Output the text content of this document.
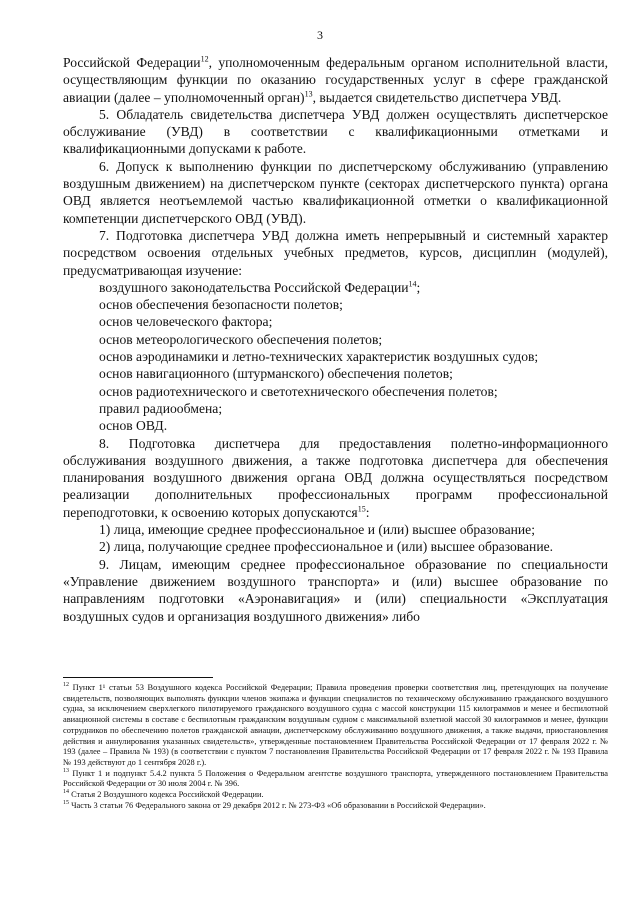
3

Российской Федерации$^{12}$, уполномоченным федеральным органом исполнительной власти, осуществляющим функции по оказанию государственных услуг в сфере гражданской авиации (далее – уполномоченный орган)$^{13}$, выдается свидетельство диспетчера УВД.

5. Обладатель свидетельства диспетчера УВД должен осуществлять диспетчерское обслуживание (УВД) в соответствии с квалификационными отметками и квалификационными допусками к работе.

6. Допуск к выполнению функции по диспетчерскому обслуживанию (управлению воздушным движением) на диспетчерском пункте (секторах диспетчерского пункта) органа ОВД является неотъемлемой частью квалификационной отметки о квалификационной компетенции диспетчерского ОВД (УВД).

7. Подготовка диспетчера УВД должна иметь непрерывный и системный характер посредством освоения отдельных учебных предметов, курсов, дисциплин (модулей), предусматривающая изучение:

воздушного законодательства Российской Федерации$^{14}$;

основ обеспечения безопасности полетов;

основ человеческого фактора;

основ метеорологического обеспечения полетов;

основ аэродинамики и летно-технических характеристик воздушных судов;

основ навигационного (штурманского) обеспечения полетов;

основ радиотехнического и светотехнического обеспечения полетов;

правил радиообмена;

основ ОВД.

8. Подготовка диспетчера для предоставления полетно-информационного обслуживания воздушного движения, а также подготовка диспетчера для обеспечения планирования воздушного движения органа ОВД должна осуществляться посредством реализации дополнительных профессиональных программ профессиональной переподготовки, к освоению которых допускаются$^{15}$:

1) лица, имеющие среднее профессиональное и (или) высшее образование;

2) лица, получающие среднее профессиональное и (или) высшее образование.

9. Лицам, имеющим среднее профессиональное образование по специальности «Управление движением воздушного транспорта» и (или) высшее образование по направлениям подготовки «Аэронавигация» и (или) специальности «Эксплуатация воздушных судов и организация воздушного движения» либо

$^{12}$ Пункт 1¹ статьи 53 Воздушного кодекса Российской Федерации; Правила проведения проверки соответствия лиц, претендующих на получение свидетельств, позволяющих выполнять функции членов экипажа и функции специалистов по техническому обслуживанию гражданского воздушного судна, за исключением сверхлегкого пилотируемого гражданского воздушного судна с массой конструкции 115 килограммов и менее и беспилотной авиационной системы в составе с беспилотным гражданским воздушным судном с максимальной взлетной массой 30 килограммов и менее, функции сотрудников по обеспечению полетов гражданской авиации, диспетчерскому обслуживанию воздушного движения, а также выдачи, приостановления действия и аннулирования указанных свидетельств», утвержденные постановлением Правительства Российской Федерации от 17 февраля 2022 г. № 193 (далее – Правила № 193) (в соответствии с пунктом 7 постановления Правительства Российской Федерации от 17 февраля 2022 г. № 193 Правила № 193 действуют до 1 сентября 2028 г.).

$^{13}$ Пункт 1 и подпункт 5.4.2 пункта 5 Положения о Федеральном агентстве воздушного транспорта, утвержденного постановлением Правительства Российской Федерации от 30 июля 2004 г. № 396.

$^{14}$ Статья 2 Воздушного кодекса Российской Федерации.

$^{15}$ Часть 3 статьи 76 Федерального закона от 29 декабря 2012 г. № 273-ФЗ «Об образовании в Российской Федерации».
